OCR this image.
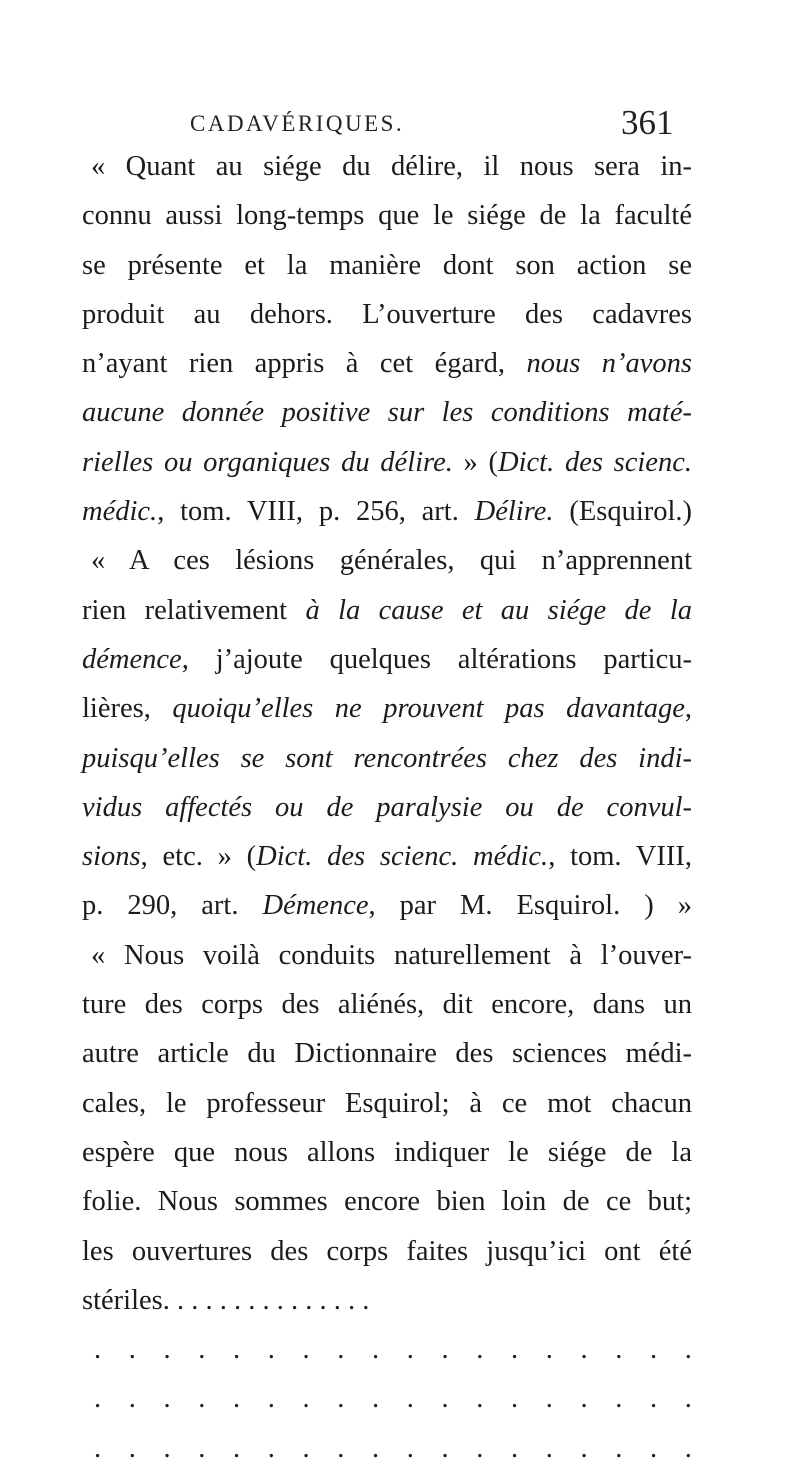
CADAVÉRIQUES.	361
« Quant au siége du délire, il nous sera in-
connu aussi long-temps que le siége de la faculté
se présente et la manière dont son action se
produit au dehors. L’ouverture des cadavres
n’ayant rien appris à cet égard, nous n’avons
aucune donnée positive sur les conditions maté-
rielles ou organiques du délire. » (Dict. des scienc.
médic., tom. VIII, p. 256, art. Délire. (Esquirol.)
« A ces lésions générales, qui n’apprennent
rien relativement à la cause et au siége de la
démence, j’ajoute quelques altérations particu-
lières, quoiqu’elles ne prouvent pas davantage,
puisqu’elles se sont rencontrées chez des indi-
vidus affectés ou de paralysie ou de convul-
sions, etc. » (Dict. des scienc. médic., tom. VIII,
p. 290, art. Démence, par M. Esquirol. ) »
« Nous voilà conduits naturellement à l’ouver-
ture des corps des aliénés, dit encore, dans un
autre article du Dictionnaire des sciences médi-
cales, le professeur Esquirol; à ce mot chacun
espère que nous allons indiquer le siége de la
folie. Nous sommes encore bien loin de ce but;
les ouvertures des corps faites jusqu’ici ont été
stériles. . . . . . . . . . . . . . .
. . . . . . . . . . . . . . . . . .
. . . . . . . . . . . . . . . . . .
. . . . . . . . . . . . . . . . . .
